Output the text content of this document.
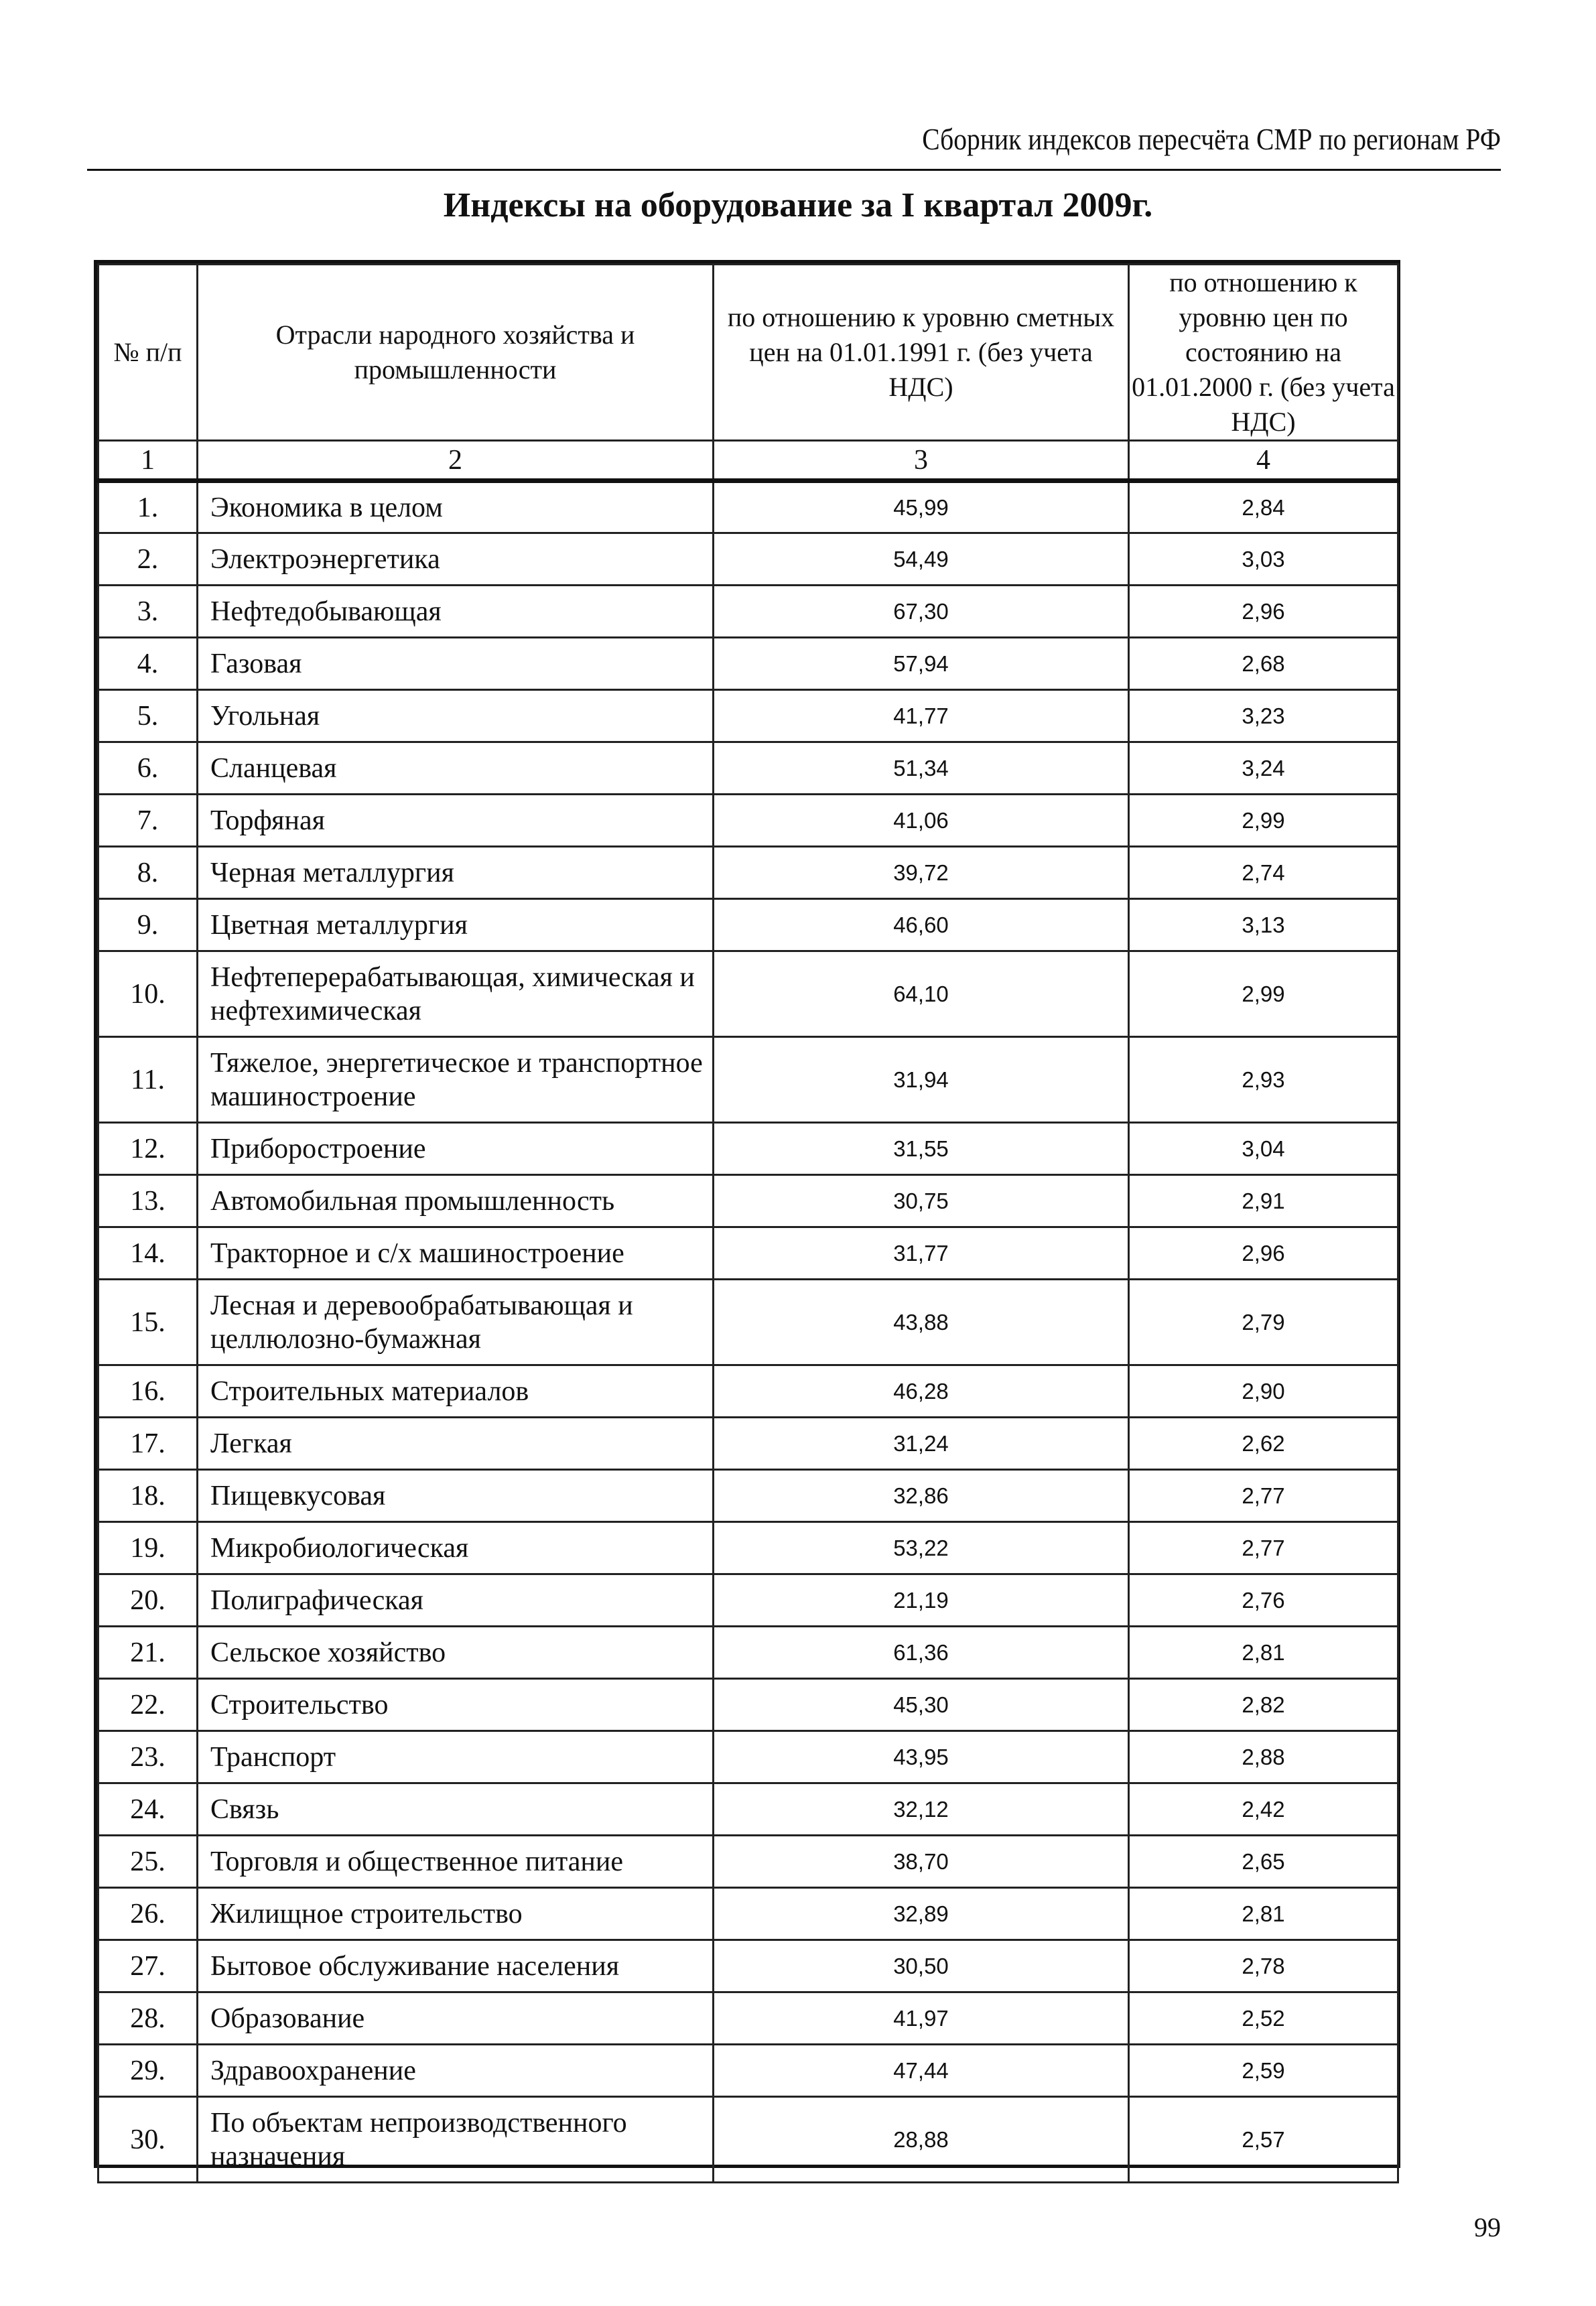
Сборник индексов пересчёта СМР по регионам РФ
Индексы на оборудование за I квартал 2009г.
№ п/п	Отрасли народного хозяйства и промышленности	по отношению к уровню сметных цен на 01.01.1991 г. (без учета НДС)	по отношению к уровню цен по состоянию на 01.01.2000 г. (без учета НДС)
1	2	3	4
1.	Экономика в целом	45,99	2,84
2.	Электроэнергетика	54,49	3,03
3.	Нефтедобывающая	67,30	2,96
4.	Газовая	57,94	2,68
5.	Угольная	41,77	3,23
6.	Сланцевая	51,34	3,24
7.	Торфяная	41,06	2,99
8.	Черная металлургия	39,72	2,74
9.	Цветная металлургия	46,60	3,13
10.	Нефтеперерабатывающая, химическая и нефтехимическая	64,10	2,99
11.	Тяжелое, энергетическое и транспортное машиностроение	31,94	2,93
12.	Приборостроение	31,55	3,04
13.	Автомобильная промышленность	30,75	2,91
14.	Тракторное и с/х машиностроение	31,77	2,96
15.	Лесная и деревообрабатывающая и целлюлозно-бумажная	43,88	2,79
16.	Строительных материалов	46,28	2,90
17.	Легкая	31,24	2,62
18.	Пищевкусовая	32,86	2,77
19.	Микробиологическая	53,22	2,77
20.	Полиграфическая	21,19	2,76
21.	Сельское хозяйство	61,36	2,81
22.	Строительство	45,30	2,82
23.	Транспорт	43,95	2,88
24.	Связь	32,12	2,42
25.	Торговля и общественное питание	38,70	2,65
26.	Жилищное строительство	32,89	2,81
27.	Бытовое обслуживание населения	30,50	2,78
28.	Образование	41,97	2,52
29.	Здравоохранение	47,44	2,59
30.	По объектам непроизводственного назначения	28,88	2,57
99
